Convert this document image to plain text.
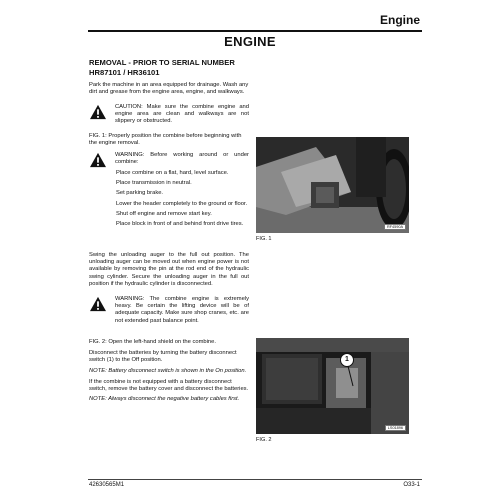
Engine
ENGINE
REMOVAL - PRIOR TO SERIAL NUMBER
HR87101 / HR36101

Park the machine in an area equipped for drainage. Wash any dirt and grease from the engine area, engine, and walkways.

CAUTION: Make sure the combine engine and engine area are clean and walkways are not slippery or obstructed.

FIG. 1: Properly position the combine before beginning with the engine removal.

WARNING: Before working around or under combine:
Place combine on a flat, hard, level surface.
Place transmission in neutral.
Set parking brake.
Lower the header completely to the ground or floor.
Shut off engine and remove start key.
Place block in front of and behind front drive tires.

Swing the unloading auger to the full out position. The unloading auger can be moved out when engine power is not available by removing the pin at the rod end of the hydraulic swing cylinder. Secure the unloading auger in the full out position if the hydraulic cylinder is disconnected.

WARNING: The combine engine is extremely heavy. Be certain the lifting device will be of adequate capacity. Make sure shop cranes, etc. are not extended past balance point.

FIG. 2: Open the left-hand shield on the combine.

Disconnect the batteries by turning the battery disconnect switch (1) to the Off position.

NOTE: Battery disconnect switch is shown in the On position.

If the combine is not equipped with a battery disconnect switch, remove the battery cover and disconnect the batteries.

NOTE: Always disconnect the negative battery cables first.

RF4590A
FIG. 1
1
LS01896
FIG. 2
42630565M1	O33-1
